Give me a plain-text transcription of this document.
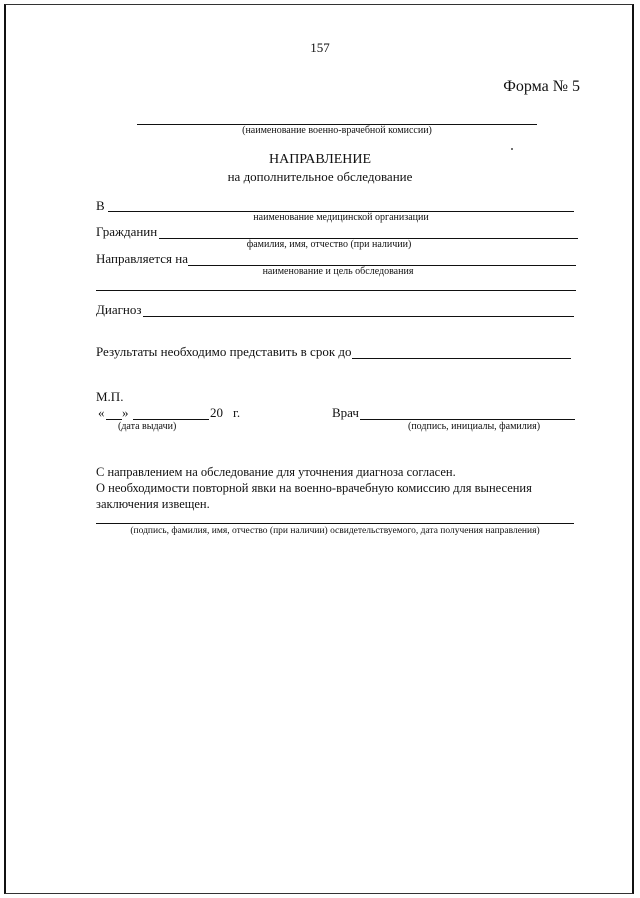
157
Форма № 5
(наименование военно-врачебной комиссии)
НАПРАВЛЕНИЕ
на дополнительное обследование
В
наименование медицинской организации
Гражданин
фамилия, имя, отчество (при наличии)
Направляется на
наименование и цель обследования
Диагноз
Результаты необходимо представить в срок до
М.П.
« »	20 г.
(дата выдачи)
Врач
(подпись, инициалы, фамилия)
С направлением на обследование для уточнения диагноза согласен.
О необходимости повторной явки на военно-врачебную комиссию для вынесения
заключения извещен.
(подпись, фамилия, имя, отчество (при наличии) освидетельствуемого, дата получения направления)
